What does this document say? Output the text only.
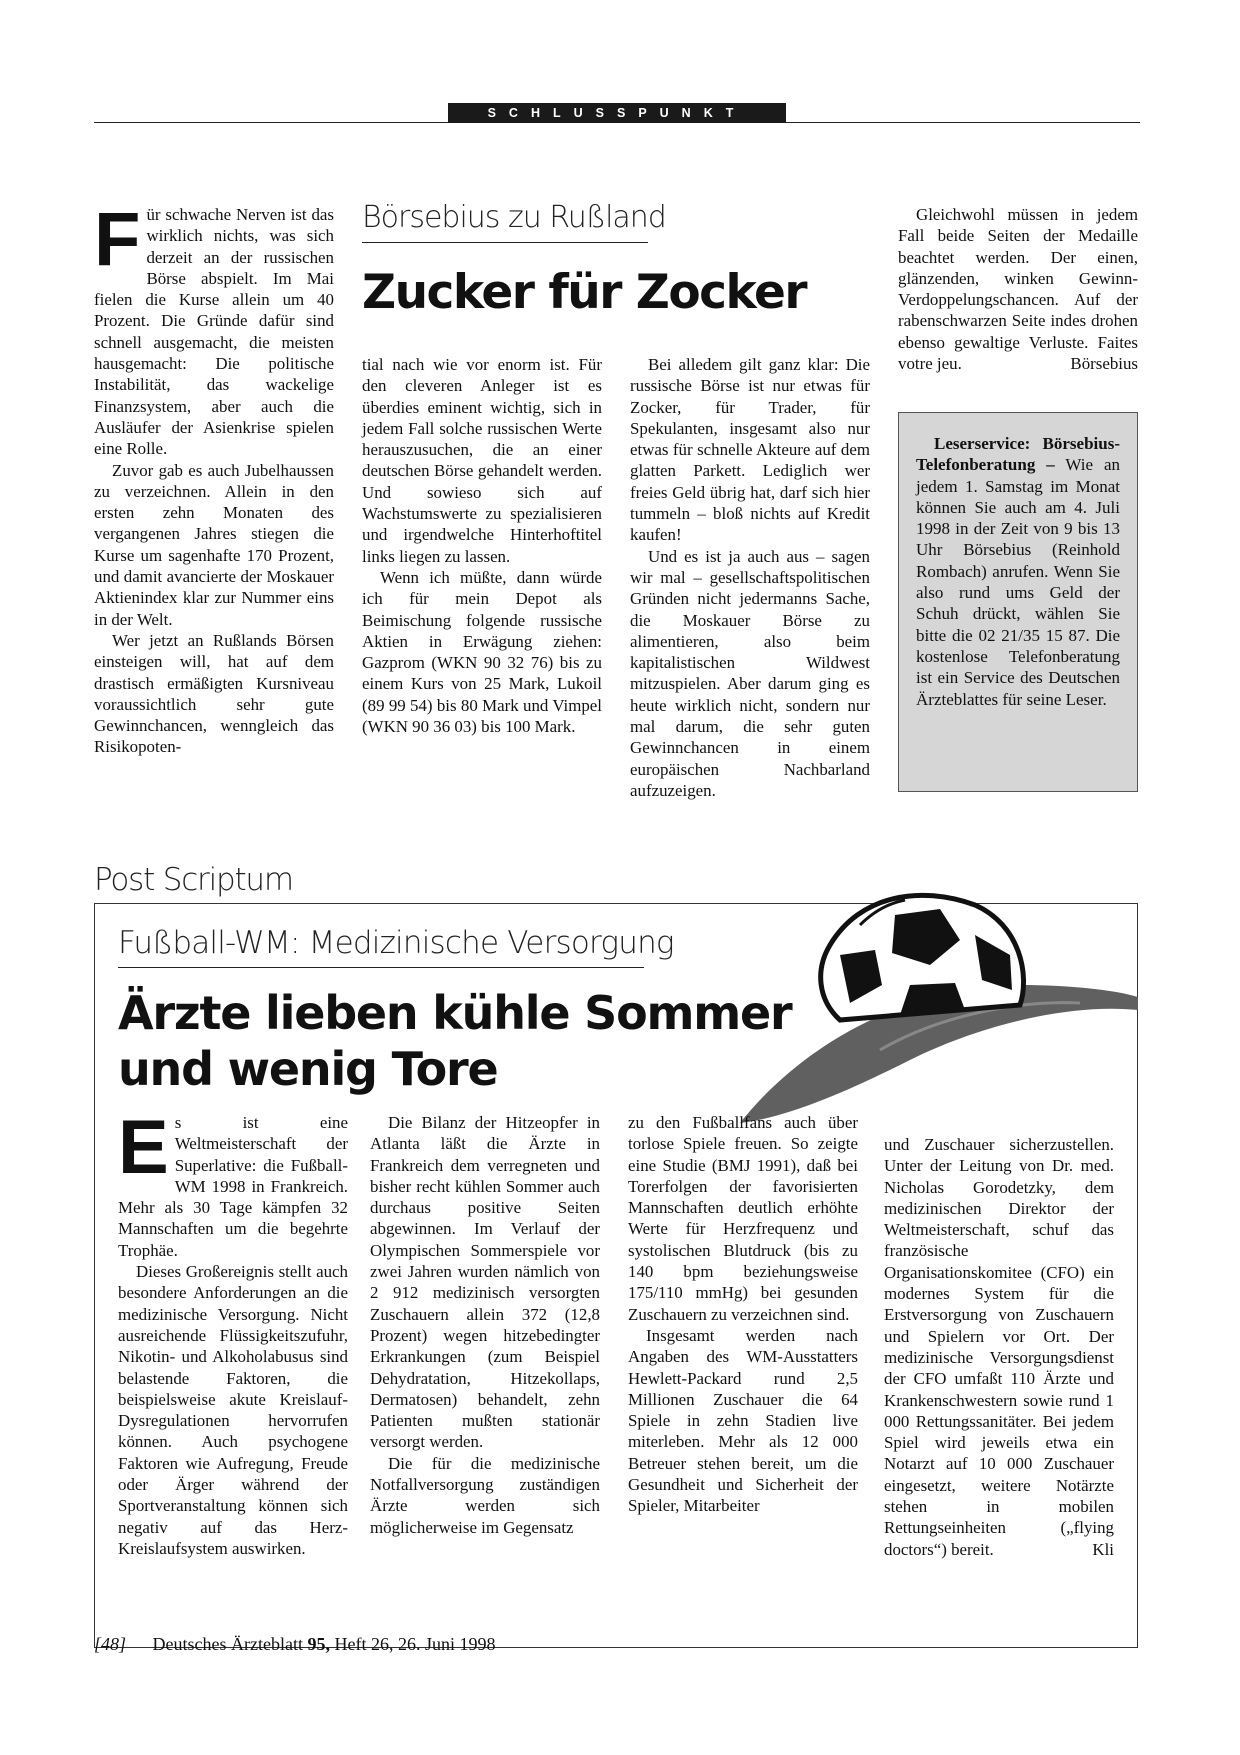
SCHLUSSPUNKT

Für schwache Nerven ist das wirklich nichts, was sich derzeit an der russischen Börse abspielt. Im Mai fielen die Kurse allein um 40 Prozent. Die Gründe dafür sind schnell ausgemacht, die meisten hausgemacht: Die politische Instabilität, das wackelige Finanzsystem, aber auch die Ausläufer der Asienkrise spielen eine Rolle.

Zuvor gab es auch Jubelhaussen zu verzeichnen. Allein in den ersten zehn Monaten des vergangenen Jahres stiegen die Kurse um sagenhafte 170 Prozent, und damit avancierte der Moskauer Aktienindex klar zur Nummer eins in der Welt.

Wer jetzt an Rußlands Börsen einsteigen will, hat auf dem drastisch ermäßigten Kursniveau voraussichtlich sehr gute Gewinnchancen, wenngleich das Risikopoten-

Börsebius zu Rußland
Zucker für Zocker

tial nach wie vor enorm ist. Für den cleveren Anleger ist es überdies eminent wichtig, sich in jedem Fall solche russischen Werte herauszusuchen, die an einer deutschen Börse gehandelt werden. Und sowieso sich auf Wachstumswerte zu spezialisieren und irgendwelche Hinterhoftitel links liegen zu lassen.

Wenn ich müßte, dann würde ich für mein Depot als Beimischung folgende russische Aktien in Erwägung ziehen: Gazprom (WKN 90 32 76) bis zu einem Kurs von 25 Mark, Lukoil (89 99 54) bis 80 Mark und Vimpel (WKN 90 36 03) bis 100 Mark.

Bei alledem gilt ganz klar: Die russische Börse ist nur etwas für Zocker, für Trader, für Spekulanten, insgesamt also nur etwas für schnelle Akteure auf dem glatten Parkett. Lediglich wer freies Geld übrig hat, darf sich hier tummeln – bloß nichts auf Kredit kaufen!

Und es ist ja auch aus – sagen wir mal – gesellschaftspolitischen Gründen nicht jedermanns Sache, die Moskauer Börse zu alimentieren, also beim kapitalistischen Wildwest mitzuspielen. Aber darum ging es heute wirklich nicht, sondern nur mal darum, die sehr guten Gewinnchancen in einem europäischen Nachbarland aufzuzeigen.

Gleichwohl müssen in jedem Fall beide Seiten der Medaille beachtet werden. Der einen, glänzenden, winken Gewinn-Verdoppelungschancen. Auf der rabenschwarzen Seite indes drohen ebenso gewaltige Verluste. Faites votre jeu.	Börsebius

Leserservice: Börsebius-Telefonberatung – Wie an jedem 1. Samstag im Monat können Sie auch am 4. Juli 1998 in der Zeit von 9 bis 13 Uhr Börsebius (Reinhold Rombach) anrufen. Wenn Sie also rund ums Geld der Schuh drückt, wählen Sie bitte die 02 21/35 15 87. Die kostenlose Telefonberatung ist ein Service des Deutschen Ärzteblattes für seine Leser.
Post Scriptum
Fußball-WM: Medizinische Versorgung
Ärzte lieben kühle Sommer
und wenig Tore

Es ist eine Weltmeisterschaft der Superlative: die Fußball-WM 1998 in Frankreich. Mehr als 30 Tage kämpfen 32 Mannschaften um die begehrte Trophäe.

Dieses Großereignis stellt auch besondere Anforderungen an die medizinische Versorgung. Nicht ausreichende Flüssigkeitszufuhr, Nikotin- und Alkoholabusus sind belastende Faktoren, die beispielsweise akute Kreislauf-Dysregulationen hervorrufen können. Auch psychogene Faktoren wie Aufregung, Freude oder Ärger während der Sportveranstaltung können sich negativ auf das Herz-Kreislaufsystem auswirken.

Die Bilanz der Hitzeopfer in Atlanta läßt die Ärzte in Frankreich dem verregneten und bisher recht kühlen Sommer auch durchaus positive Seiten abgewinnen. Im Verlauf der Olympischen Sommerspiele vor zwei Jahren wurden nämlich von 2 912 medizinisch versorgten Zuschauern allein 372 (12,8 Prozent) wegen hitzebedingter Erkrankungen (zum Beispiel Dehydratation, Hitzekollaps, Dermatosen) behandelt, zehn Patienten mußten stationär versorgt werden.

Die für die medizinische Notfallversorgung zuständigen Ärzte werden sich möglicherweise im Gegensatz

zu den Fußballfans auch über torlose Spiele freuen. So zeigte eine Studie (BMJ 1991), daß bei Torerfolgen der favorisierten Mannschaften deutlich erhöhte Werte für Herzfrequenz und systolischen Blutdruck (bis zu 140 bpm beziehungsweise 175/110 mmHg) bei gesunden Zuschauern zu verzeichnen sind.

Insgesamt werden nach Angaben des WM-Ausstatters Hewlett-Packard rund 2,5 Millionen Zuschauer die 64 Spiele in zehn Stadien live miterleben. Mehr als 12 000 Betreuer stehen bereit, um die Gesundheit und Sicherheit der Spieler, Mitarbeiter

und Zuschauer sicherzustellen. Unter der Leitung von Dr. med. Nicholas Gorodetzky, dem medizinischen Direktor der Weltmeisterschaft, schuf das französische Organisationskomitee (CFO) ein modernes System für die Erstversorgung von Zuschauern und Spielern vor Ort. Der medizinische Versorgungsdienst der CFO umfaßt 110 Ärzte und Krankenschwestern sowie rund 1 000 Rettungssanitäter. Bei jedem Spiel wird jeweils etwa ein Notarzt auf 10 000 Zuschauer eingesetzt, weitere Notärzte stehen in mobilen Rettungseinheiten („flying doctors“) bereit.	Kli

[48] Deutsches Ärzteblatt 95, Heft 26, 26. Juni 1998
